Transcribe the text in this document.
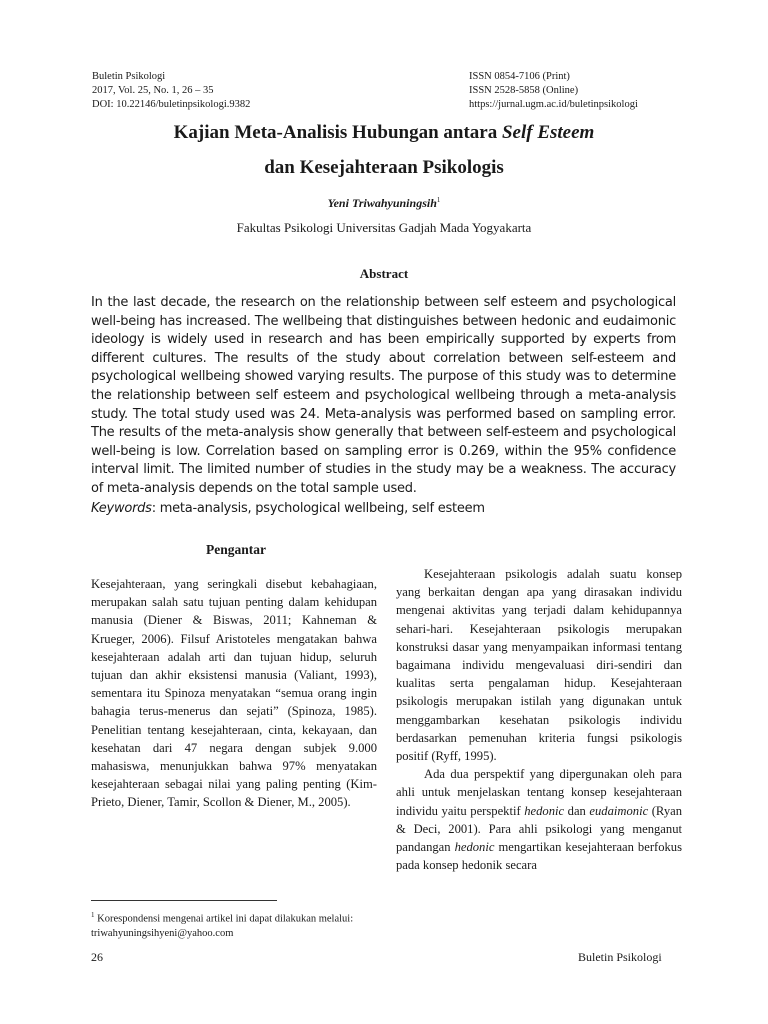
Buletin Psikologi
2017, Vol. 25, No. 1, 26 – 35
DOI: 10.22146/buletinpsikologi.9382
ISSN 0854-7106 (Print)
ISSN 2528-5858 (Online)
https://jurnal.ugm.ac.id/buletinpsikologi
Kajian Meta-Analisis Hubungan antara Self Esteem
dan Kesejahteraan Psikologis
Yeni Triwahyuningsih$^1$
Fakultas Psikologi Universitas Gadjah Mada Yogyakarta
Abstract
In the last decade, the research on the relationship between self esteem and psychological well-being has increased. The wellbeing that distinguishes between hedonic and eudaimonic ideology is widely used in research and has been empirically supported by experts from different cultures. The results of the study about correlation between self-esteem and psychological wellbeing showed varying results. The purpose of this study was to determine the relationship between self esteem and psychological wellbeing through a meta-analysis study. The total study used was 24. Meta-analysis was performed based on sampling error. The results of the meta-analysis show generally that between self-esteem and psychological well-being is low. Correlation based on sampling error is 0.269, within the 95% confidence interval limit. The limited number of studies in the study may be a weakness. The accuracy of meta-analysis depends on the total sample used.
Keywords: meta-analysis, psychological wellbeing, self esteem
Pengantar

Kesejahteraan, yang seringkali disebut kebahagiaan, merupakan salah satu tujuan penting dalam kehidupan manusia (Diener & Biswas, 2011; Kahneman & Krueger, 2006). Filsuf Aristoteles mengatakan bahwa kesejahteraan adalah arti dan tujuan hidup, seluruh tujuan dan akhir eksistensi manusia (Valiant, 1993), sementara itu Spinoza menyatakan “semua orang ingin bahagia terus-menerus dan sejati” (Spinoza, 1985). Penelitian tentang kesejahteraan, cinta, kekayaan, dan kesehatan dari 47 negara dengan subjek 9.000 mahasiswa, menunjukkan bahwa 97% menyatakan kesejahteraan sebagai nilai yang paling penting (Kim-Prieto, Diener, Tamir, Scollon & Diener, M., 2005).

Kesejahteraan psikologis adalah suatu konsep yang berkaitan dengan apa yang dirasakan individu mengenai aktivitas yang terjadi dalam kehidupannya sehari-hari. Kesejahteraan psikologis merupakan konstruksi dasar yang menyampaikan informasi tentang bagaimana individu mengevaluasi diri-sendiri dan kualitas serta pengalaman hidup. Kesejahteraan psikologis merupakan istilah yang digunakan untuk menggambarkan kesehatan psikologis individu berdasarkan pemenuhan kriteria fungsi psikologis positif (Ryff, 1995).

Ada dua perspektif yang dipergunakan oleh para ahli untuk menjelaskan tentang konsep kesejahteraan individu yaitu perspektif hedonic dan eudaimonic (Ryan & Deci, 2001). Para ahli psikologi yang menganut pandangan hedonic mengartikan kesejahteraan berfokus pada konsep hedonik secara

$^1$ Korespondensi mengenai artikel ini dapat dilakukan melalui: triwahyuningsihyeni@yahoo.com
26	Buletin Psikologi
